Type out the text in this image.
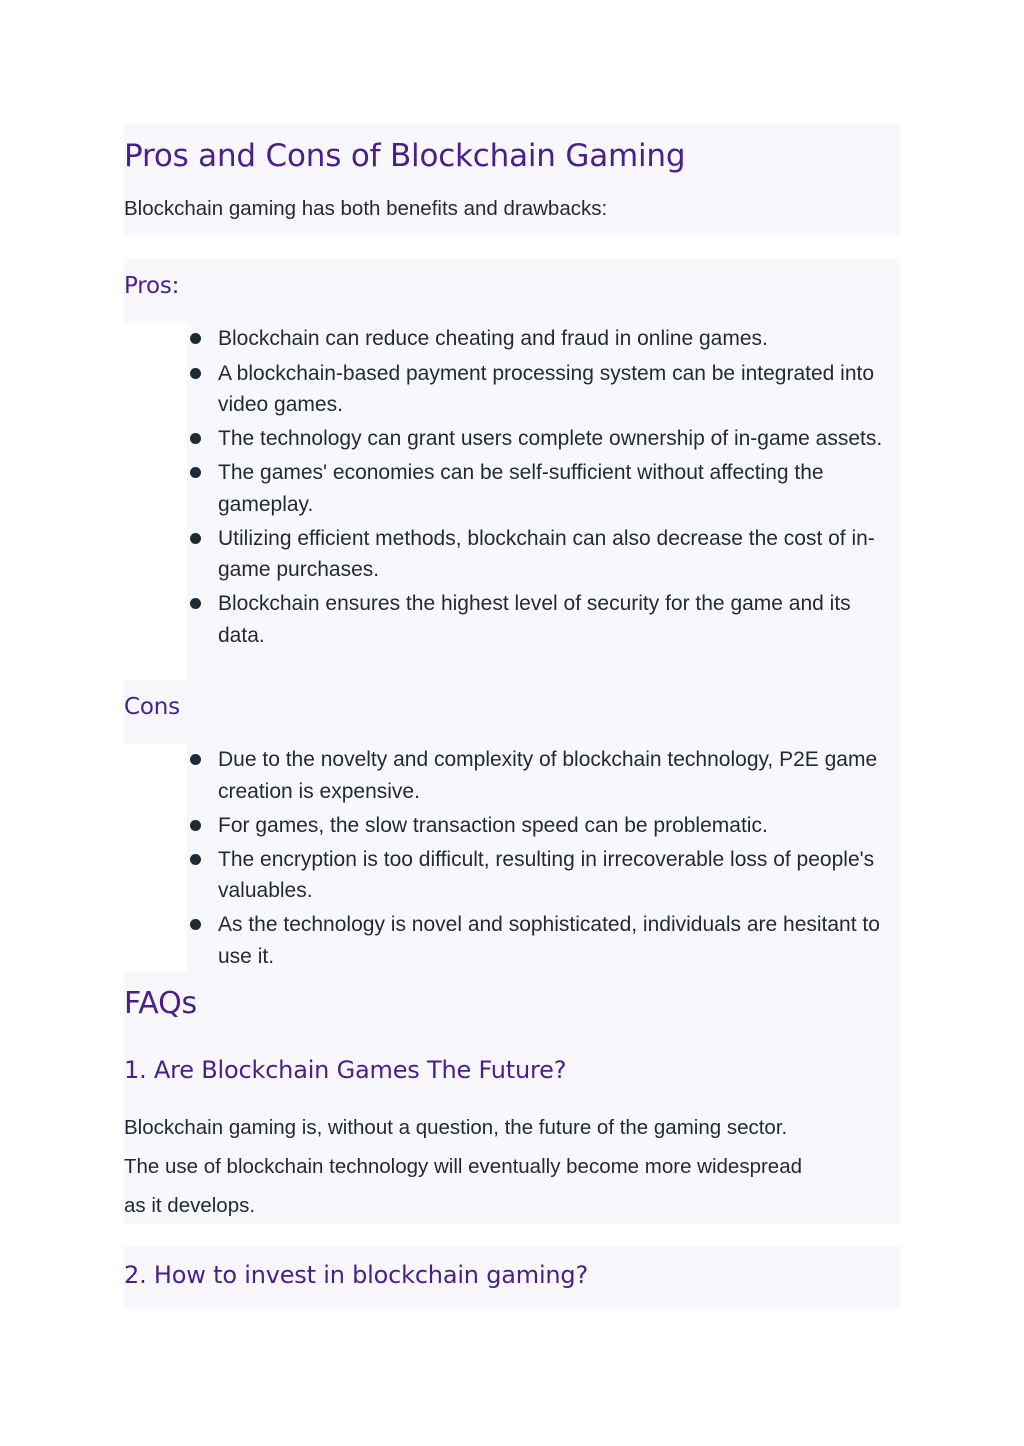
Pros and Cons of Blockchain Gaming

Blockchain gaming has both benefits and drawbacks:

Pros:
Blockchain can reduce cheating and fraud in online games.
A blockchain-based payment processing system can be integrated into video games.
The technology can grant users complete ownership of in-game assets.
The games' economies can be self-sufficient without affecting the gameplay.
Utilizing efficient methods, blockchain can also decrease the cost of in-game purchases.
Blockchain ensures the highest level of security for the game and its data.
Cons
Due to the novelty and complexity of blockchain technology, P2E game creation is expensive.
For games, the slow transaction speed can be problematic.
The encryption is too difficult, resulting in irrecoverable loss of people's valuables.
As the technology is novel and sophisticated, individuals are hesitant to use it.
FAQs
1. Are Blockchain Games The Future?

Blockchain gaming is, without a question, the future of the gaming sector.
The use of blockchain technology will eventually become more widespread
as it develops.

2. How to invest in blockchain gaming?
